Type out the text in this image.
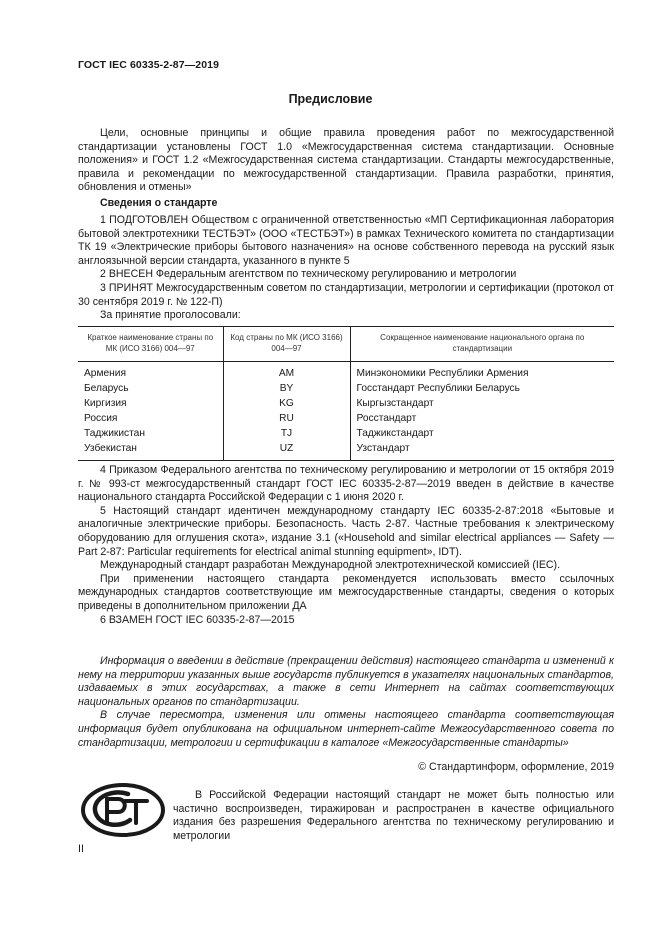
ГОСТ IEC 60335-2-87—2019
Предисловие

Цели, основные принципы и общие правила проведения работ по межгосударственной стандартизации установлены ГОСТ 1.0 «Межгосударственная система стандартизации. Основные положения» и ГОСТ 1.2 «Межгосударственная система стандартизации. Стандарты межгосударственные, правила и рекомендации по межгосударственной стандартизации. Правила разработки, принятия, обновления и отмены»

Сведения о стандарте

1 ПОДГОТОВЛЕН Обществом с ограниченной ответственностью «МП Сертификационная лаборатория бытовой электротехники ТЕСТБЭТ» (ООО «ТЕСТБЭТ») в рамках Технического комитета по стандартизации ТК 19 «Электрические приборы бытового назначения» на основе собственного перевода на русский язык англоязычной версии стандарта, указанного в пункте 5

2 ВНЕСЕН Федеральным агентством по техническому регулированию и метрологии

3 ПРИНЯТ Межгосударственным советом по стандартизации, метрологии и сертификации (протокол от 30 сентября 2019 г. № 122-П)

За принятие проголосовали:

Краткое наименование страны по МК (ИСО 3166) 004—97	Код страны по МК (ИСО 3166) 004—97	Сокращенное наименование национального органа по стандартизации
Армения	AM	Минэкономики Республики Армения
Беларусь	BY	Госстандарт Республики Беларусь
Киргизия	KG	Кыргызстандарт
Россия	RU	Росстандарт
Таджикистан	TJ	Таджикстандарт
Узбекистан	UZ	Узстандарт

4 Приказом Федерального агентства по техническому регулированию и метрологии от 15 октября 2019 г. № 993-ст межгосударственный стандарт ГОСТ IEC 60335-2-87—2019 введен в действие в качестве национального стандарта Российской Федерации с 1 июня 2020 г.

5 Настоящий стандарт идентичен международному стандарту IEC 60335-2-87:2018 «Бытовые и аналогичные электрические приборы. Безопасность. Часть 2-87. Частные требования к электрическому оборудованию для оглушения скота», издание 3.1 («Household and similar electrical appliances — Safety — Part 2-87: Particular requirements for electrical animal stunning equipment», IDT).

Международный стандарт разработан Международной электротехнической комиссией (IEC).

При применении настоящего стандарта рекомендуется использовать вместо ссылочных международных стандартов соответствующие им межгосударственные стандарты, сведения о которых приведены в дополнительном приложении ДА

6 ВЗАМЕН ГОСТ IEC 60335-2-87—2015

Информация о введении в действие (прекращении действия) настоящего стандарта и изменений к нему на территории указанных выше государств публикуется в указателях национальных стандартов, издаваемых в этих государствах, а также в сети Интернет на сайтах соответствующих национальных органов по стандартизации.

В случае пересмотра, изменения или отмены настоящего стандарта соответствующая информация будет опубликована на официальном интернет-сайте Межгосударственного совета по стандартизации, метрологии и сертификации в каталоге «Межгосударственные стандарты»

© Стандартинформ, оформление, 2019

В Российской Федерации настоящий стандарт не может быть полностью или частично воспроизведен, тиражирован и распространен в качестве официального издания без разрешения Федерального агентства по техническому регулированию и метрологии

II
